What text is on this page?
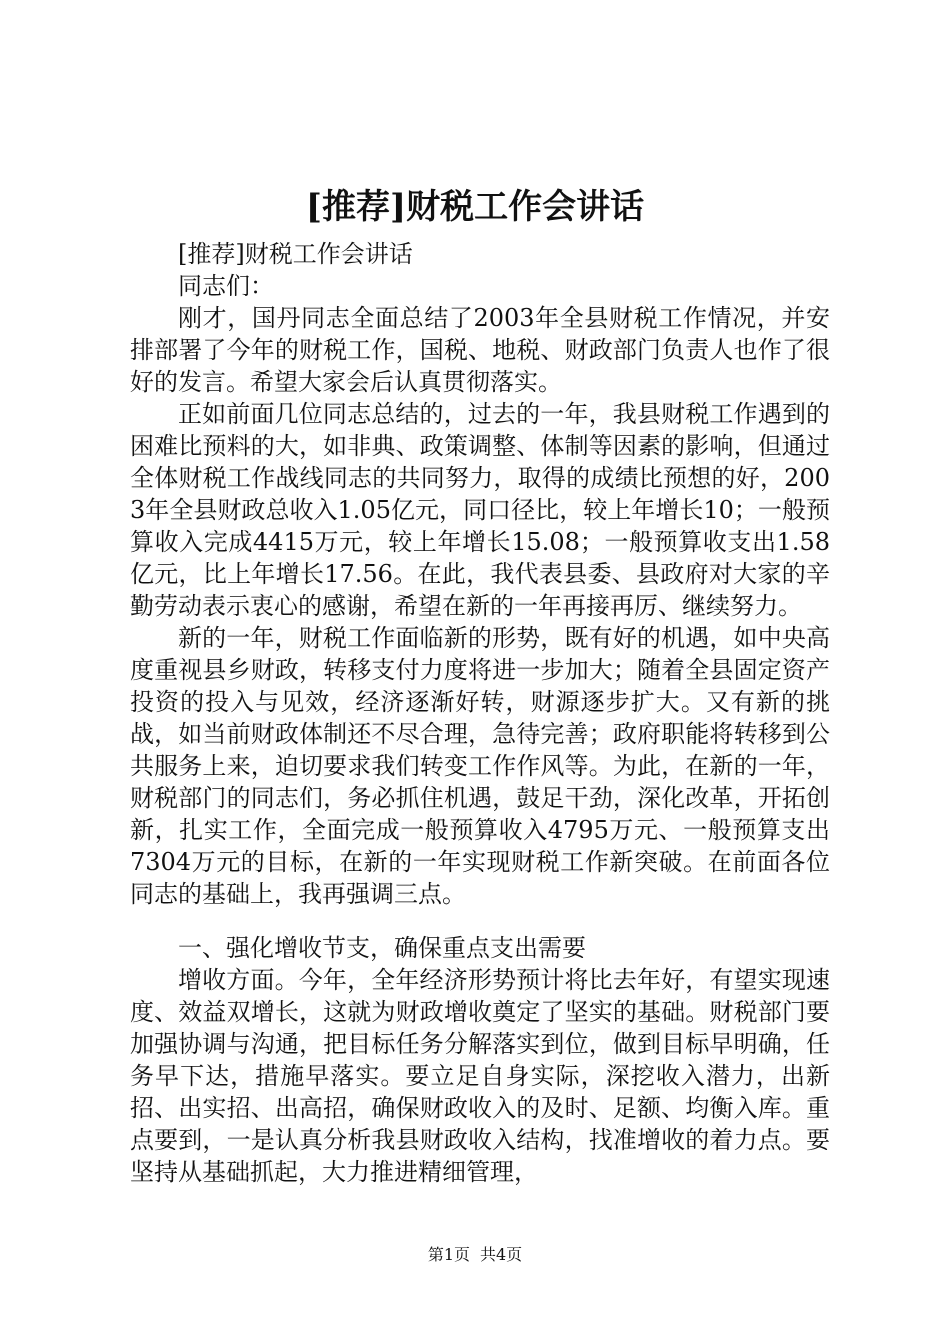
[推荐]财税工作会讲话

[推荐]财税工作会讲话

同志们：

刚才，国丹同志全面总结了2003年全县财税工作情况，并安排部署了今年的财税工作，国税、地税、财政部门负责人也作了很好的发言。希望大家会后认真贯彻落实。

正如前面几位同志总结的，过去的一年，我县财税工作遇到的困难比预料的大，如非典、政策调整、体制等因素的影响，但通过全体财税工作战线同志的共同努力，取得的成绩比预想的好，2003年全县财政总收入1.05亿元，同口径比，较上年增长10；一般预算收入完成4415万元，较上年增长15.08；一般预算收支出1.58亿元，比上年增长17.56。在此，我代表县委、县政府对大家的辛勤劳动表示衷心的感谢，希望在新的一年再接再厉、继续努力。

新的一年，财税工作面临新的形势，既有好的机遇，如中央高度重视县乡财政，转移支付力度将进一步加大；随着全县固定资产投资的投入与见效，经济逐渐好转，财源逐步扩大。又有新的挑战，如当前财政体制还不尽合理，急待完善；政府职能将转移到公共服务上来，迫切要求我们转变工作作风等。为此，在新的一年，财税部门的同志们，务必抓住机遇，鼓足干劲，深化改革，开拓创新，扎实工作，全面完成一般预算收入4795万元、一般预算支出7304万元的目标，在新的一年实现财税工作新突破。在前面各位同志的基础上，我再强调三点。

一、强化增收节支，确保重点支出需要

增收方面。今年，全年经济形势预计将比去年好，有望实现速度、效益双增长，这就为财政增收奠定了坚实的基础。财税部门要加强协调与沟通，把目标任务分解落实到位，做到目标早明确，任务早下达，措施早落实。要立足自身实际，深挖收入潜力，出新招、出实招、出高招，确保财政收入的及时、足额、均衡入库。重点要到，一是认真分析我县财政收入结构，找准增收的着力点。要坚持从基础抓起，大力推进精细管理，

第1页 共4页
